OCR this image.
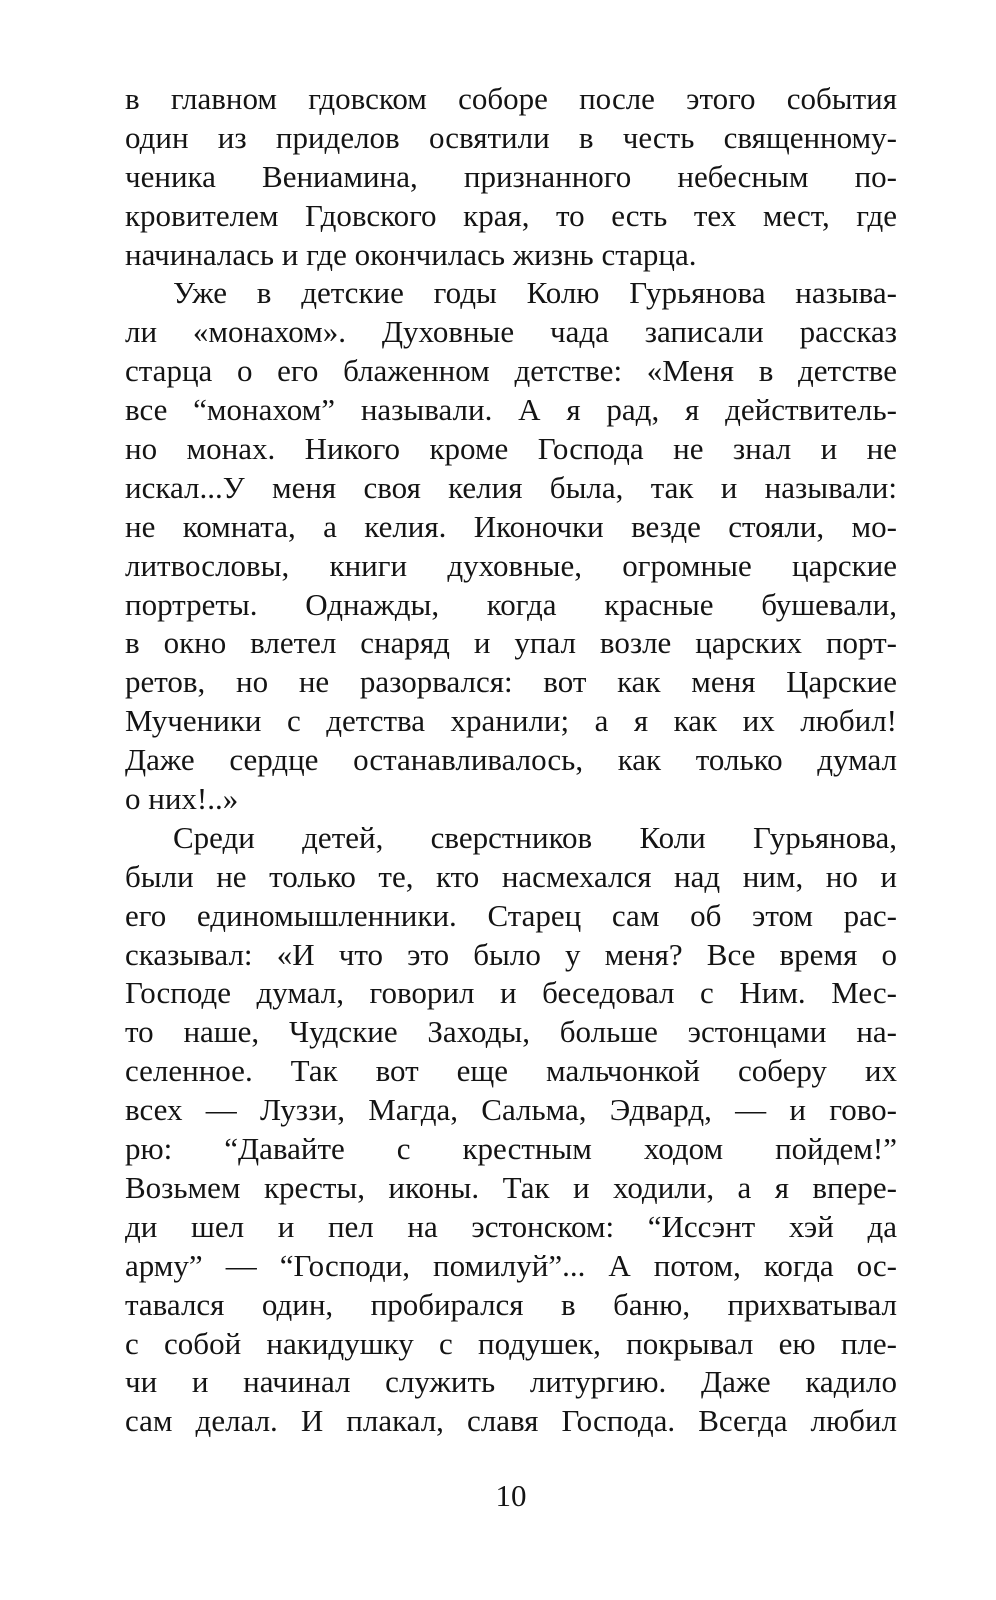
в главном гдовском соборе после этого события
один из приделов освятили в честь священному-
ченика Вениамина, признанного небесным по-
кровителем Гдовского края, то есть тех мест, где
начиналась и где окончилась жизнь старца.
Уже в детские годы Колю Гурьянова называ-
ли «монахом». Духовные чада записали рассказ
старца о его блаженном детстве: «Меня в детстве
все “монахом” называли. А я рад, я действитель-
но монах. Никого кроме Господа не знал и не
искал...У меня своя келия была, так и называли:
не комната, а келия. Иконочки везде стояли, мо-
литвословы, книги духовные, огромные царские
портреты. Однажды, когда красные бушевали,
в окно влетел снаряд и упал возле царских порт-
ретов, но не разорвался: вот как меня Царские
Мученики с детства хранили; а я как их любил!
Даже сердце останавливалось, как только думал
о них!..»
Среди детей, сверстников Коли Гурьянова,
были не только те, кто насмехался над ним, но и
его единомышленники. Старец сам об этом рас-
сказывал: «И что это было у меня? Все время о
Господе думал, говорил и беседовал с Ним. Мес-
то наше, Чудские Заходы, больше эстонцами на-
селенное. Так вот еще мальчонкой соберу их
всех — Луззи, Магда, Сальма, Эдвард, — и гово-
рю: “Давайте с крестным ходом пойдем!”
Возьмем кресты, иконы. Так и ходили, а я впере-
ди шел и пел на эстонском: “Иссэнт хэй да
арму” — “Господи, помилуй”... А потом, когда ос-
тавался один, пробирался в баню, прихватывал
с собой накидушку с подушек, покрывал ею пле-
чи и начинал служить литургию. Даже кадило
сам делал. И плакал, славя Господа. Всегда любил
10
